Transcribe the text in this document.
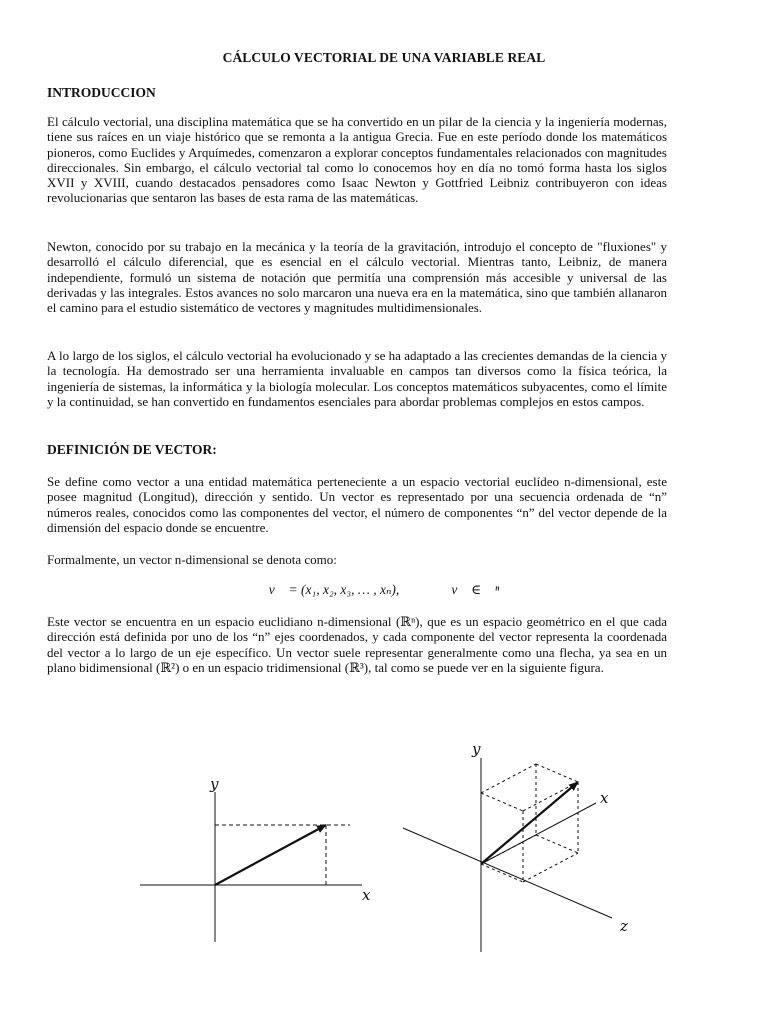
CÁLCULO VECTORIAL DE UNA VARIABLE REAL
INTRODUCCION

El cálculo vectorial, una disciplina matemática que se ha convertido en un pilar de la ciencia y la ingeniería modernas, tiene sus raíces en un viaje histórico que se remonta a la antigua Grecia. Fue en este período donde los matemáticos pioneros, como Euclides y Arquímedes, comenzaron a explorar conceptos fundamentales relacionados con magnitudes direccionales. Sin embargo, el cálculo vectorial tal como lo conocemos hoy en día no tomó forma hasta los siglos XVII y XVIII, cuando destacados pensadores como Isaac Newton y Gottfried Leibniz contribuyeron con ideas revolucionarias que sentaron las bases de esta rama de las matemáticas.

Newton, conocido por su trabajo en la mecánica y la teoría de la gravitación, introdujo el concepto de "fluxiones" y desarrolló el cálculo diferencial, que es esencial en el cálculo vectorial. Mientras tanto, Leibniz, de manera independiente, formuló un sistema de notación que permitía una comprensión más accesible y universal de las derivadas y las integrales. Estos avances no solo marcaron una nueva era en la matemática, sino que también allanaron el camino para el estudio sistemático de vectores y magnitudes multidimensionales.

A lo largo de los siglos, el cálculo vectorial ha evolucionado y se ha adaptado a las crecientes demandas de la ciencia y la tecnología. Ha demostrado ser una herramienta invaluable en campos tan diversos como la física teórica, la ingeniería de sistemas, la informática y la biología molecular. Los conceptos matemáticos subyacentes, como el límite y la continuidad, se han convertido en fundamentos esenciales para abordar problemas complejos en estos campos.

DEFINICIÓN DE VECTOR:

Se define como vector a una entidad matemática perteneciente a un espacio vectorial euclídeo n-dimensional, este posee magnitud (Longitud), dirección y sentido. Un vector es representado por una secuencia ordenada de “n” números reales, conocidos como las componentes del vector, el número de componentes “n” del vector depende de la dimensión del espacio donde se encuentre.

Formalmente, un vector n-dimensional se denota como:

v⃗ = (x₁, x₂, x₃, … , xₙ),	v⃗ ∈ ℝⁿ

Este vector se encuentra en un espacio euclidiano n-dimensional (ℝⁿ), que es un espacio geométrico en el que cada dirección está definida por uno de los “n” ejes coordenados, y cada componente del vector representa la coordenada del vector a lo largo de un eje específico. Un vector suele representar generalmente como una flecha, ya sea en un plano bidimensional (ℝ²) o en un espacio tridimensional (ℝ³), tal como se puede ver en la siguiente figura.

y
x
y
x
z
